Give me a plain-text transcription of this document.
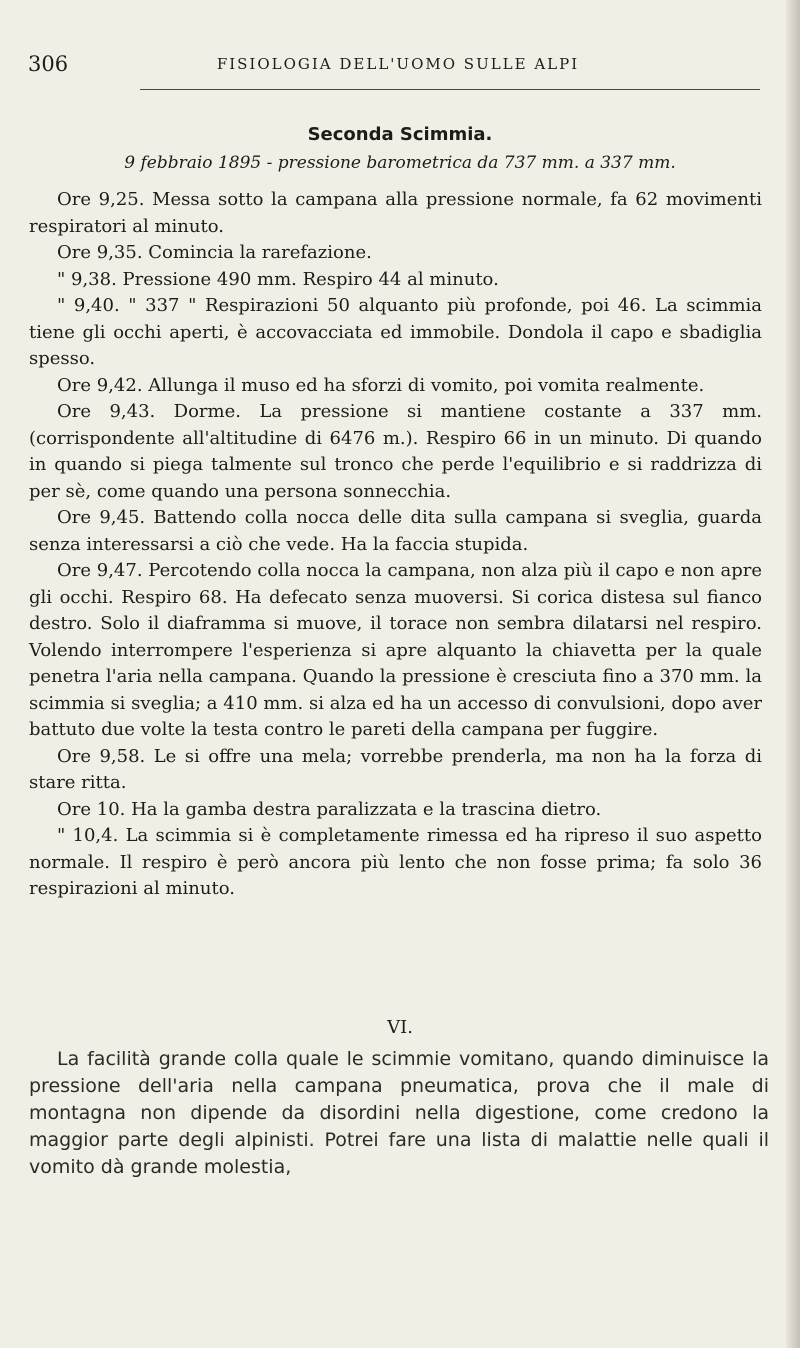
306	FISIOLOGIA DELL'UOMO SULLE ALPI
Seconda Scimmia.
9 febbraio 1895 - pressione barometrica da 737 mm. a 337 mm.

Ore 9,25. Messa sotto la campana alla pressione normale, fa 62 movimenti respiratori al minuto.

Ore 9,35. Comincia la rarefazione.

" 9,38. Pressione 490 mm. Respiro 44 al minuto.

" 9,40. " 337 " Respirazioni 50 alquanto più profonde, poi 46. La scimmia tiene gli occhi aperti, è accovacciata ed immobile. Dondola il capo e sbadiglia spesso.

Ore 9,42. Allunga il muso ed ha sforzi di vomito, poi vomita realmente.

Ore 9,43. Dorme. La pressione si mantiene costante a 337 mm. (corrispondente all'altitudine di 6476 m.). Respiro 66 in un minuto. Di quando in quando si piega talmente sul tronco che perde l'equilibrio e si raddrizza di per sè, come quando una persona sonnecchia.

Ore 9,45. Battendo colla nocca delle dita sulla campana si sveglia, guarda senza interessarsi a ciò che vede. Ha la faccia stupida.

Ore 9,47. Percotendo colla nocca la campana, non alza più il capo e non apre gli occhi. Respiro 68. Ha defecato senza muoversi. Si corica distesa sul fianco destro. Solo il diaframma si muove, il torace non sembra dilatarsi nel respiro. Volendo interrompere l'esperienza si apre alquanto la chiavetta per la quale penetra l'aria nella campana. Quando la pressione è cresciuta fino a 370 mm. la scimmia si sveglia; a 410 mm. si alza ed ha un accesso di convulsioni, dopo aver battuto due volte la testa contro le pareti della campana per fuggire.

Ore 9,58. Le si offre una mela; vorrebbe prenderla, ma non ha la forza di stare ritta.

Ore 10. Ha la gamba destra paralizzata e la trascina dietro.

" 10,4. La scimmia si è completamente rimessa ed ha ripreso il suo aspetto normale. Il respiro è però ancora più lento che non fosse prima; fa solo 36 respirazioni al minuto.

VI.

La facilità grande colla quale le scimmie vomitano, quando diminuisce la pressione dell'aria nella campana pneumatica, prova che il male di montagna non dipende da disordini nella digestione, come credono la maggior parte degli alpinisti. Potrei fare una lista di malattie nelle quali il vomito dà grande molestia,
